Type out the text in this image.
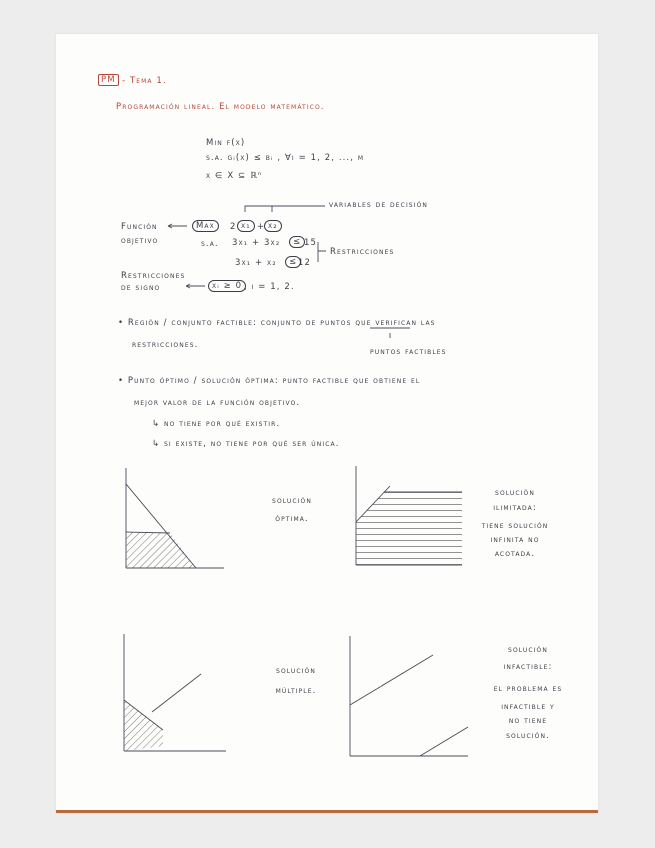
PM - Tema 1.
Programación lineal. El modelo matemático.
Min f(x)
s.a. gᵢ(x) ≤ bᵢ , ∀i = 1, 2, ..., m
x ∈ X ⊆ ℝⁿ
variables de decisión
Función
objetivo
Max	2 x₁ + x₂
s.a. 3x₁ + 3x₂	≤ 15
Restricciones
3x₁ + x₂	≤ 12
Restricciones
de signo	xᵢ ≥ 0 , i = 1, 2.
• Región / conjunto factible: conjunto de puntos que verifican las
restricciones.
puntos factibles
• Punto óptimo / solución óptima: punto factible que obtiene el
mejor valor de la función objetivo.
↳ no tiene por qué existir.
↳ si existe, no tiene por qué ser única.
solución
óptima.
solución
ilimitada:
tiene solución
infinita no
acotada.
solución
múltiple.
solución
infactible:
el problema es
infactible y
no tiene
solución.
